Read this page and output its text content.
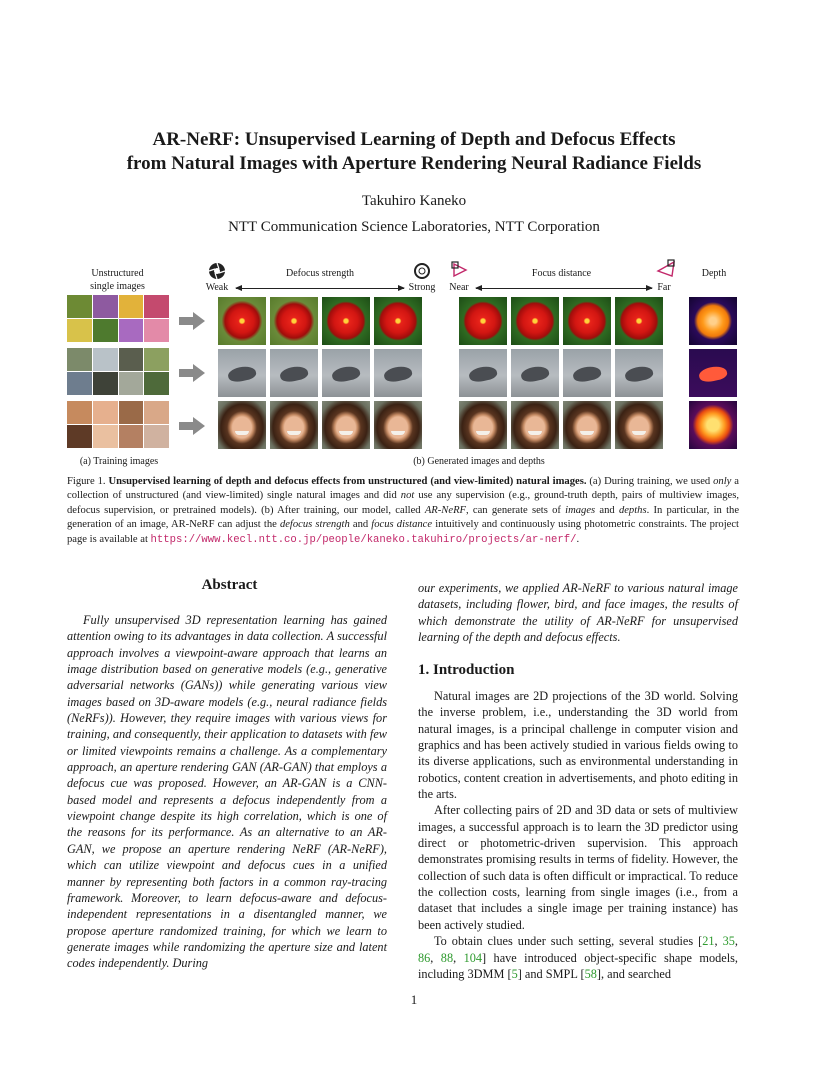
AR-NeRF: Unsupervised Learning of Depth and Defocus Effects
from Natural Images with Aperture Rendering Neural Radiance Fields
Takuhiro Kaneko
NTT Communication Science Laboratories, NTT Corporation
Unstructured
single images
Defocus strength	Focus distance	Depth
Weak	Strong	Near	Far
(a) Training images	(b) Generated images and depths
Figure 1. Unsupervised learning of depth and defocus effects from unstructured (and view-limited) natural images. (a) During training, we used only a collection of unstructured (and view-limited) single natural images and did not use any supervision (e.g., ground-truth depth, pairs of multiview images, defocus supervision, or pretrained models). (b) After training, our model, called AR-NeRF, can generate sets of images and depths. In particular, in the generation of an image, AR-NeRF can adjust the defocus strength and focus distance intuitively and continuously using photometric constraints. The project page is available at https://www.kecl.ntt.co.jp/people/kaneko.takuhiro/projects/ar-nerf/.
Abstract

Fully unsupervised 3D representation learning has gained attention owing to its advantages in data collection. A successful approach involves a viewpoint-aware approach that learns an image distribution based on generative models (e.g., generative adversarial networks (GANs)) while generating various view images based on 3D-aware models (e.g., neural radiance fields (NeRFs)). However, they require images with various views for training, and consequently, their application to datasets with few or limited viewpoints remains a challenge. As a complementary approach, an aperture rendering GAN (AR-GAN) that employs a defocus cue was proposed. However, an AR-GAN is a CNN-based model and represents a defocus independently from a viewpoint change despite its high correlation, which is one of the reasons for its performance. As an alternative to an AR-GAN, we propose an aperture rendering NeRF (AR-NeRF), which can utilize viewpoint and defocus cues in a unified manner by representing both factors in a common ray-tracing framework. Moreover, to learn defocus-aware and defocus-independent representations in a disentangled manner, we propose aperture randomized training, for which we learn to generate images while randomizing the aperture size and latent codes independently. During

our experiments, we applied AR-NeRF to various natural image datasets, including flower, bird, and face images, the results of which demonstrate the utility of AR-NeRF for unsupervised learning of the depth and defocus effects.

1. Introduction

Natural images are 2D projections of the 3D world. Solving the inverse problem, i.e., understanding the 3D world from natural images, is a principal challenge in computer vision and graphics and has been actively studied in various fields owing to its diverse applications, such as environmental understanding in robotics, content creation in advertisements, and photo editing in the arts.

After collecting pairs of 2D and 3D data or sets of multiview images, a successful approach is to learn the 3D predictor using direct or photometric-driven supervision. This approach demonstrates promising results in terms of fidelity. However, the collection of such data is often difficult or impractical. To reduce the collection costs, learning from single images (i.e., from a dataset that includes a single image per training instance) has been actively studied.

To obtain clues under such setting, several studies [21, 35, 86, 88, 104] have introduced object-specific shape models, including 3DMM [5] and SMPL [58], and searched

1
